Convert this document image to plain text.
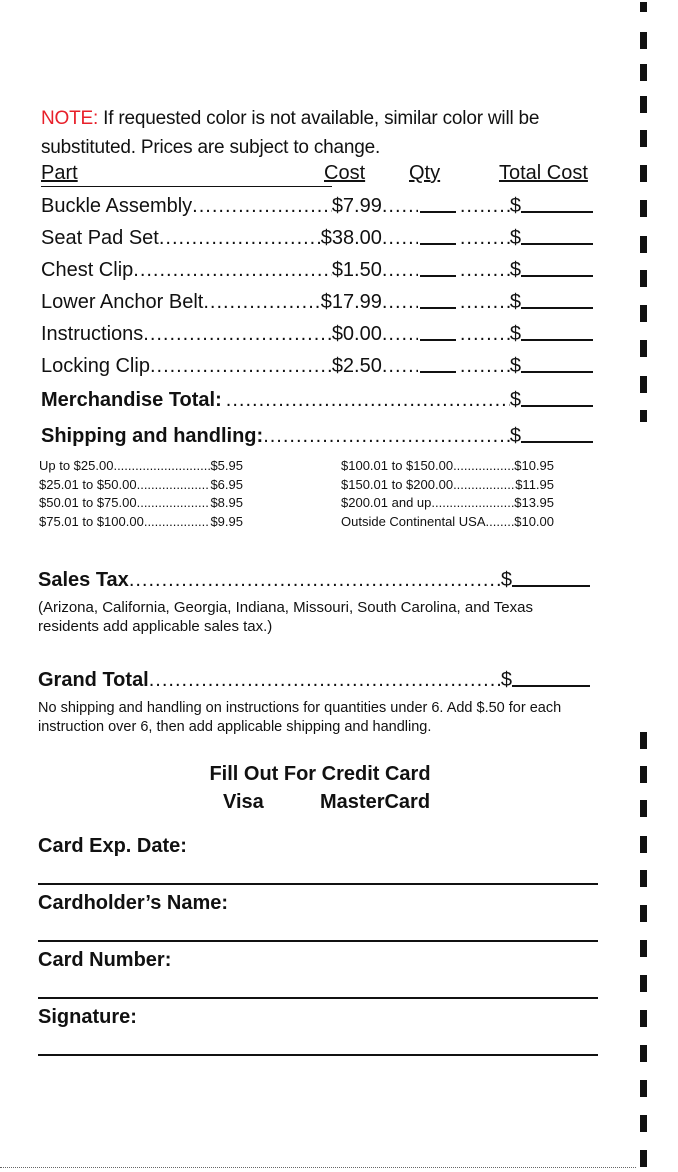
NOTE: If requested color is not available, similar color will be substituted. Prices are subject to change.
Part	Cost Qty	Total Cost
Buckle Assembly .....	$7.99 ..... .....	$
Seat Pad Set .....	$38.00 ..... .....	$
Chest Clip .....	$1.50 ..... .....	$
Lower Anchor Belt .....	$17.99 ..... .....	$
Instructions .....	$0.00 ..... .....	$
Locking Clip .....	$2.50 ..... .....	$
Merchandise Total: .....	$
Shipping and handling: .....	$
Up to $25.00 .....	$5.95
$25.01 to $50.00 .....	$6.95
$50.01 to $75.00 .....	$8.95
$75.01 to $100.00 .....	$9.95
$100.01 to $150.00 .....	$10.95
$150.01 to $200.00 .....	$11.95
$200.01 and up .....	$13.95
Outside Continental USA ..... $10.00
Sales Tax .....	$
(Arizona, California, Georgia, Indiana, Missouri, South Carolina, and Texas residents add applicable sales tax.)
Grand Total .....	$
No shipping and handling on instructions for quantities under 6. Add $.50 for each instruction over 6, then add applicable shipping and handling.
Fill Out For Credit Card
Visa	MasterCard
Card Exp. Date:
Cardholder’s Name:
Card Number:
Signature:
